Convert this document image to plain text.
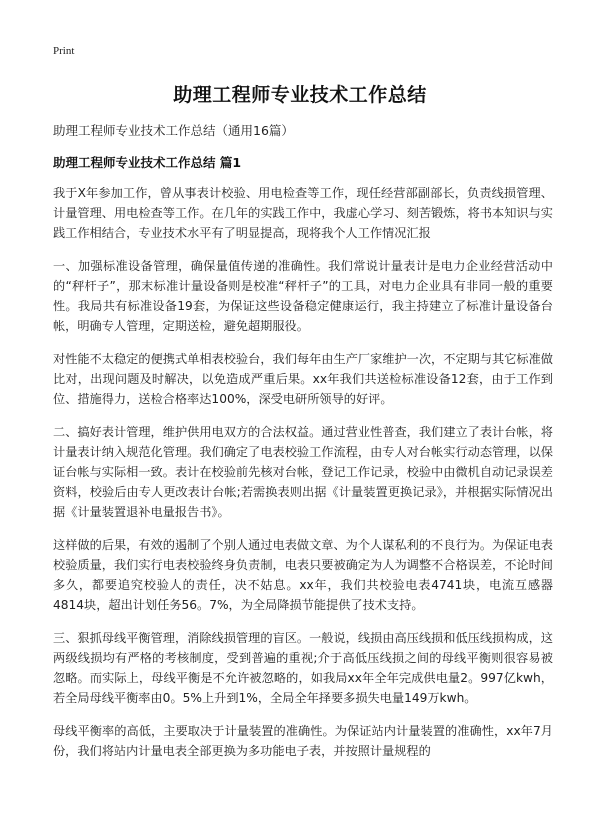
Print
助理工程师专业技术工作总结
助理工程师专业技术工作总结（通用16篇）
助理工程师专业技术工作总结 篇1

我于X年参加工作，曾从事表计校验、用电检查等工作，现任经营部副部长，负责线损管理、计量管理、用电检查等工作。在几年的实践工作中，我虚心学习、刻苦锻炼，将书本知识与实践工作相结合，专业技术水平有了明显提高，现将我个人工作情况汇报

一、加强标准设备管理，确保量值传递的准确性。我们常说计量表计是电力企业经营活动中的“秤杆子”，那末标准计量设备则是校准“秤杆子”的工具，对电力企业具有非同一般的重要性。我局共有标准设备19套，为保证这些设备稳定健康运行，我主持建立了标准计量设备台帐，明确专人管理，定期送检，避免超期服役。

对性能不太稳定的便携式单相表校验台，我们每年由生产厂家维护一次，不定期与其它标准做比对，出现问题及时解决，以免造成严重后果。xx年我们共送检标准设备12套，由于工作到位、措施得力，送检合格率达100%，深受电研所领导的好评。

二、搞好表计管理，维护供用电双方的合法权益。通过营业性普查，我们建立了表计台帐，将计量表计纳入规范化管理。我们确定了电表校验工作流程，由专人对台帐实行动态管理，以保证台帐与实际相一致。表计在校验前先核对台帐，登记工作记录，校验中由微机自动记录误差资料，校验后由专人更改表计台帐;若需换表则出据《计量装置更换记录》，并根据实际情况出据《计量装置退补电量报告书》。

这样做的后果，有效的遏制了个别人通过电表做文章、为个人谋私利的不良行为。为保证电表校验质量，我们实行电表校验终身负责制，电表只要被确定为人为调整不合格误差，不论时间多久，都要追究校验人的责任，决不姑息。xx年，我们共校验电表4741块，电流互感器4814块，超出计划任务56。7%，为全局降损节能提供了技术支持。

三、狠抓母线平衡管理，消除线损管理的盲区。一般说，线损由高压线损和低压线损构成，这两级线损均有严格的考核制度，受到普遍的重视;介于高低压线损之间的母线平衡则很容易被忽略。而实际上，母线平衡是不允许被忽略的，如我局xx年全年完成供电量2。997亿kwh，若全局母线平衡率由0。5%上升到1%，全局全年择要多损失电量149万kwh。

母线平衡率的高低，主要取决于计量装置的准确性。为保证站内计量装置的准确性，xx年7月份，我们将站内计量电表全部更换为多功能电子表，并按照计量规程的
